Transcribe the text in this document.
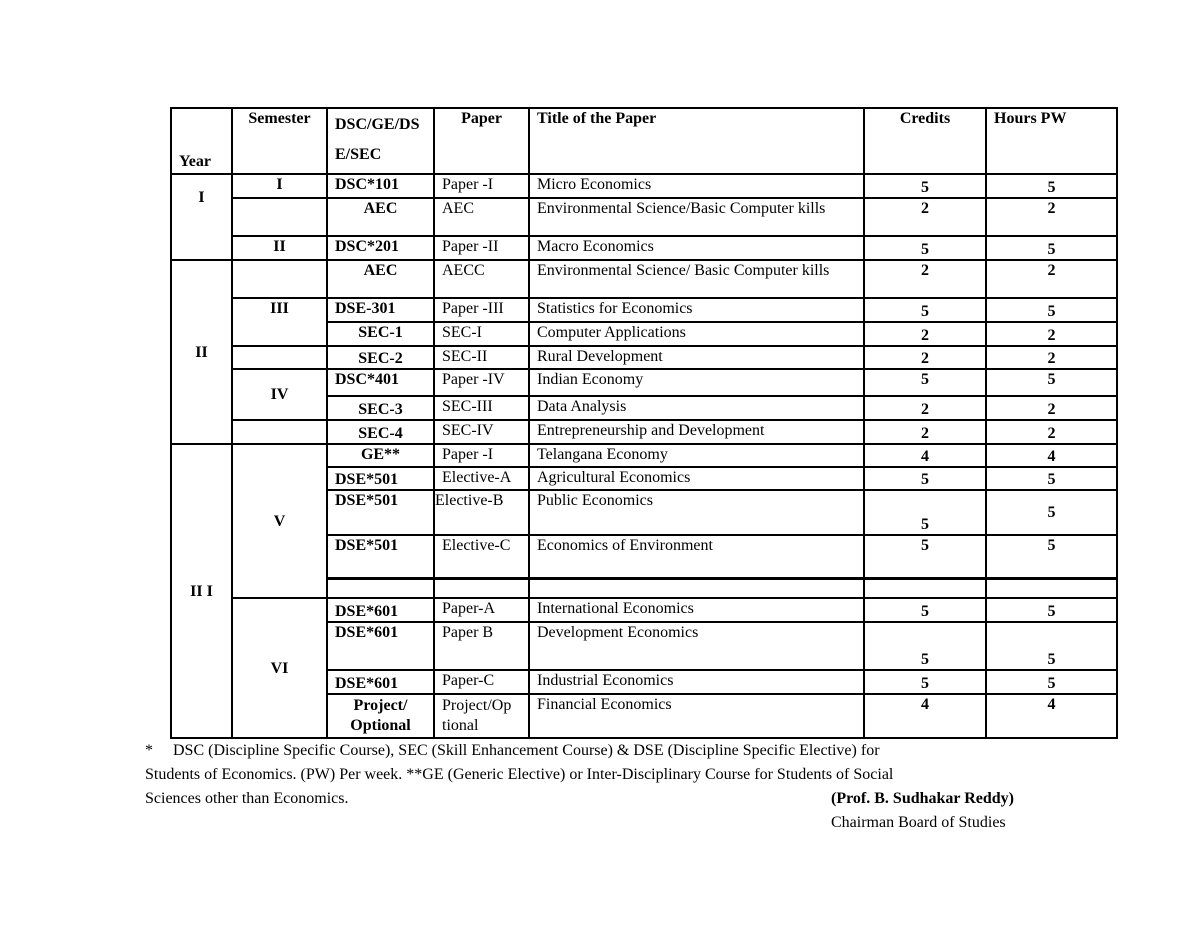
Year	Semester	DSC/GE/DS E/SEC	Paper	Title of the Paper	Credits	Hours PW
I	I	DSC*101	Paper -I	Micro Economics	5	5
		AEC	AEC	Environmental Science/Basic Computer kills	2	2
	II	DSC*201	Paper -II	Macro Economics	5	5
II		AEC	AECC	Environmental Science/ Basic Computer kills	2	2
	III	DSE-301	Paper -III	Statistics for Economics	5	5
		SEC-1	SEC-I	Computer Applications	2	2
		SEC-2	SEC-II	Rural Development	2	2
	IV	DSC*401	Paper -IV	Indian Economy	5	5
		SEC-3	SEC-III	Data Analysis	2	2
		SEC-4	SEC-IV	Entrepreneurship and Development	2	2
II I	V	GE**	Paper -I	Telangana Economy	4	4
		DSE*501	Elective-A	Agricultural Economics	5	5
		DSE*501	Elective-B	Public Economics	5	5
		DSE*501	Elective-C	Economics of Environment	5	5

	VI	DSE*601	Paper-A	International Economics	5	5
		DSE*601	Paper B	Development Economics	5	5
		DSE*601	Paper-C	Industrial Economics	5	5
		Project/ Optional	Project/Op tional	Financial Economics	4	4
*     DSC (Discipline Specific Course), SEC (Skill Enhancement Course) & DSE (Discipline Specific Elective) for
Students of Economics. (PW) Per week. **GE (Generic Elective) or Inter-Disciplinary Course for Students of Social
Sciences other than Economics.	(Prof. B. Sudhakar Reddy)
Chairman Board of Studies
